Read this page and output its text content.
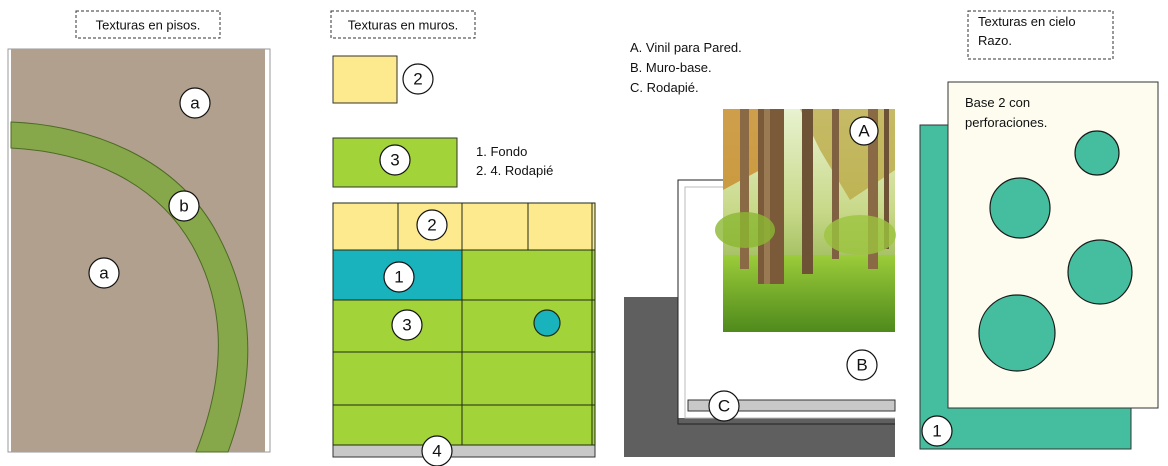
Texturas en pisos.
a
b
a
Texturas en muros.
2
3	1. Fondo
2. 4. Rodapié
2
1
3
4
A. Vinil para Pared.
B. Muro-base.
C. Rodapié.
A
B
C
Texturas en cielo
Razo.
Base 2 con
perforaciones.
1
